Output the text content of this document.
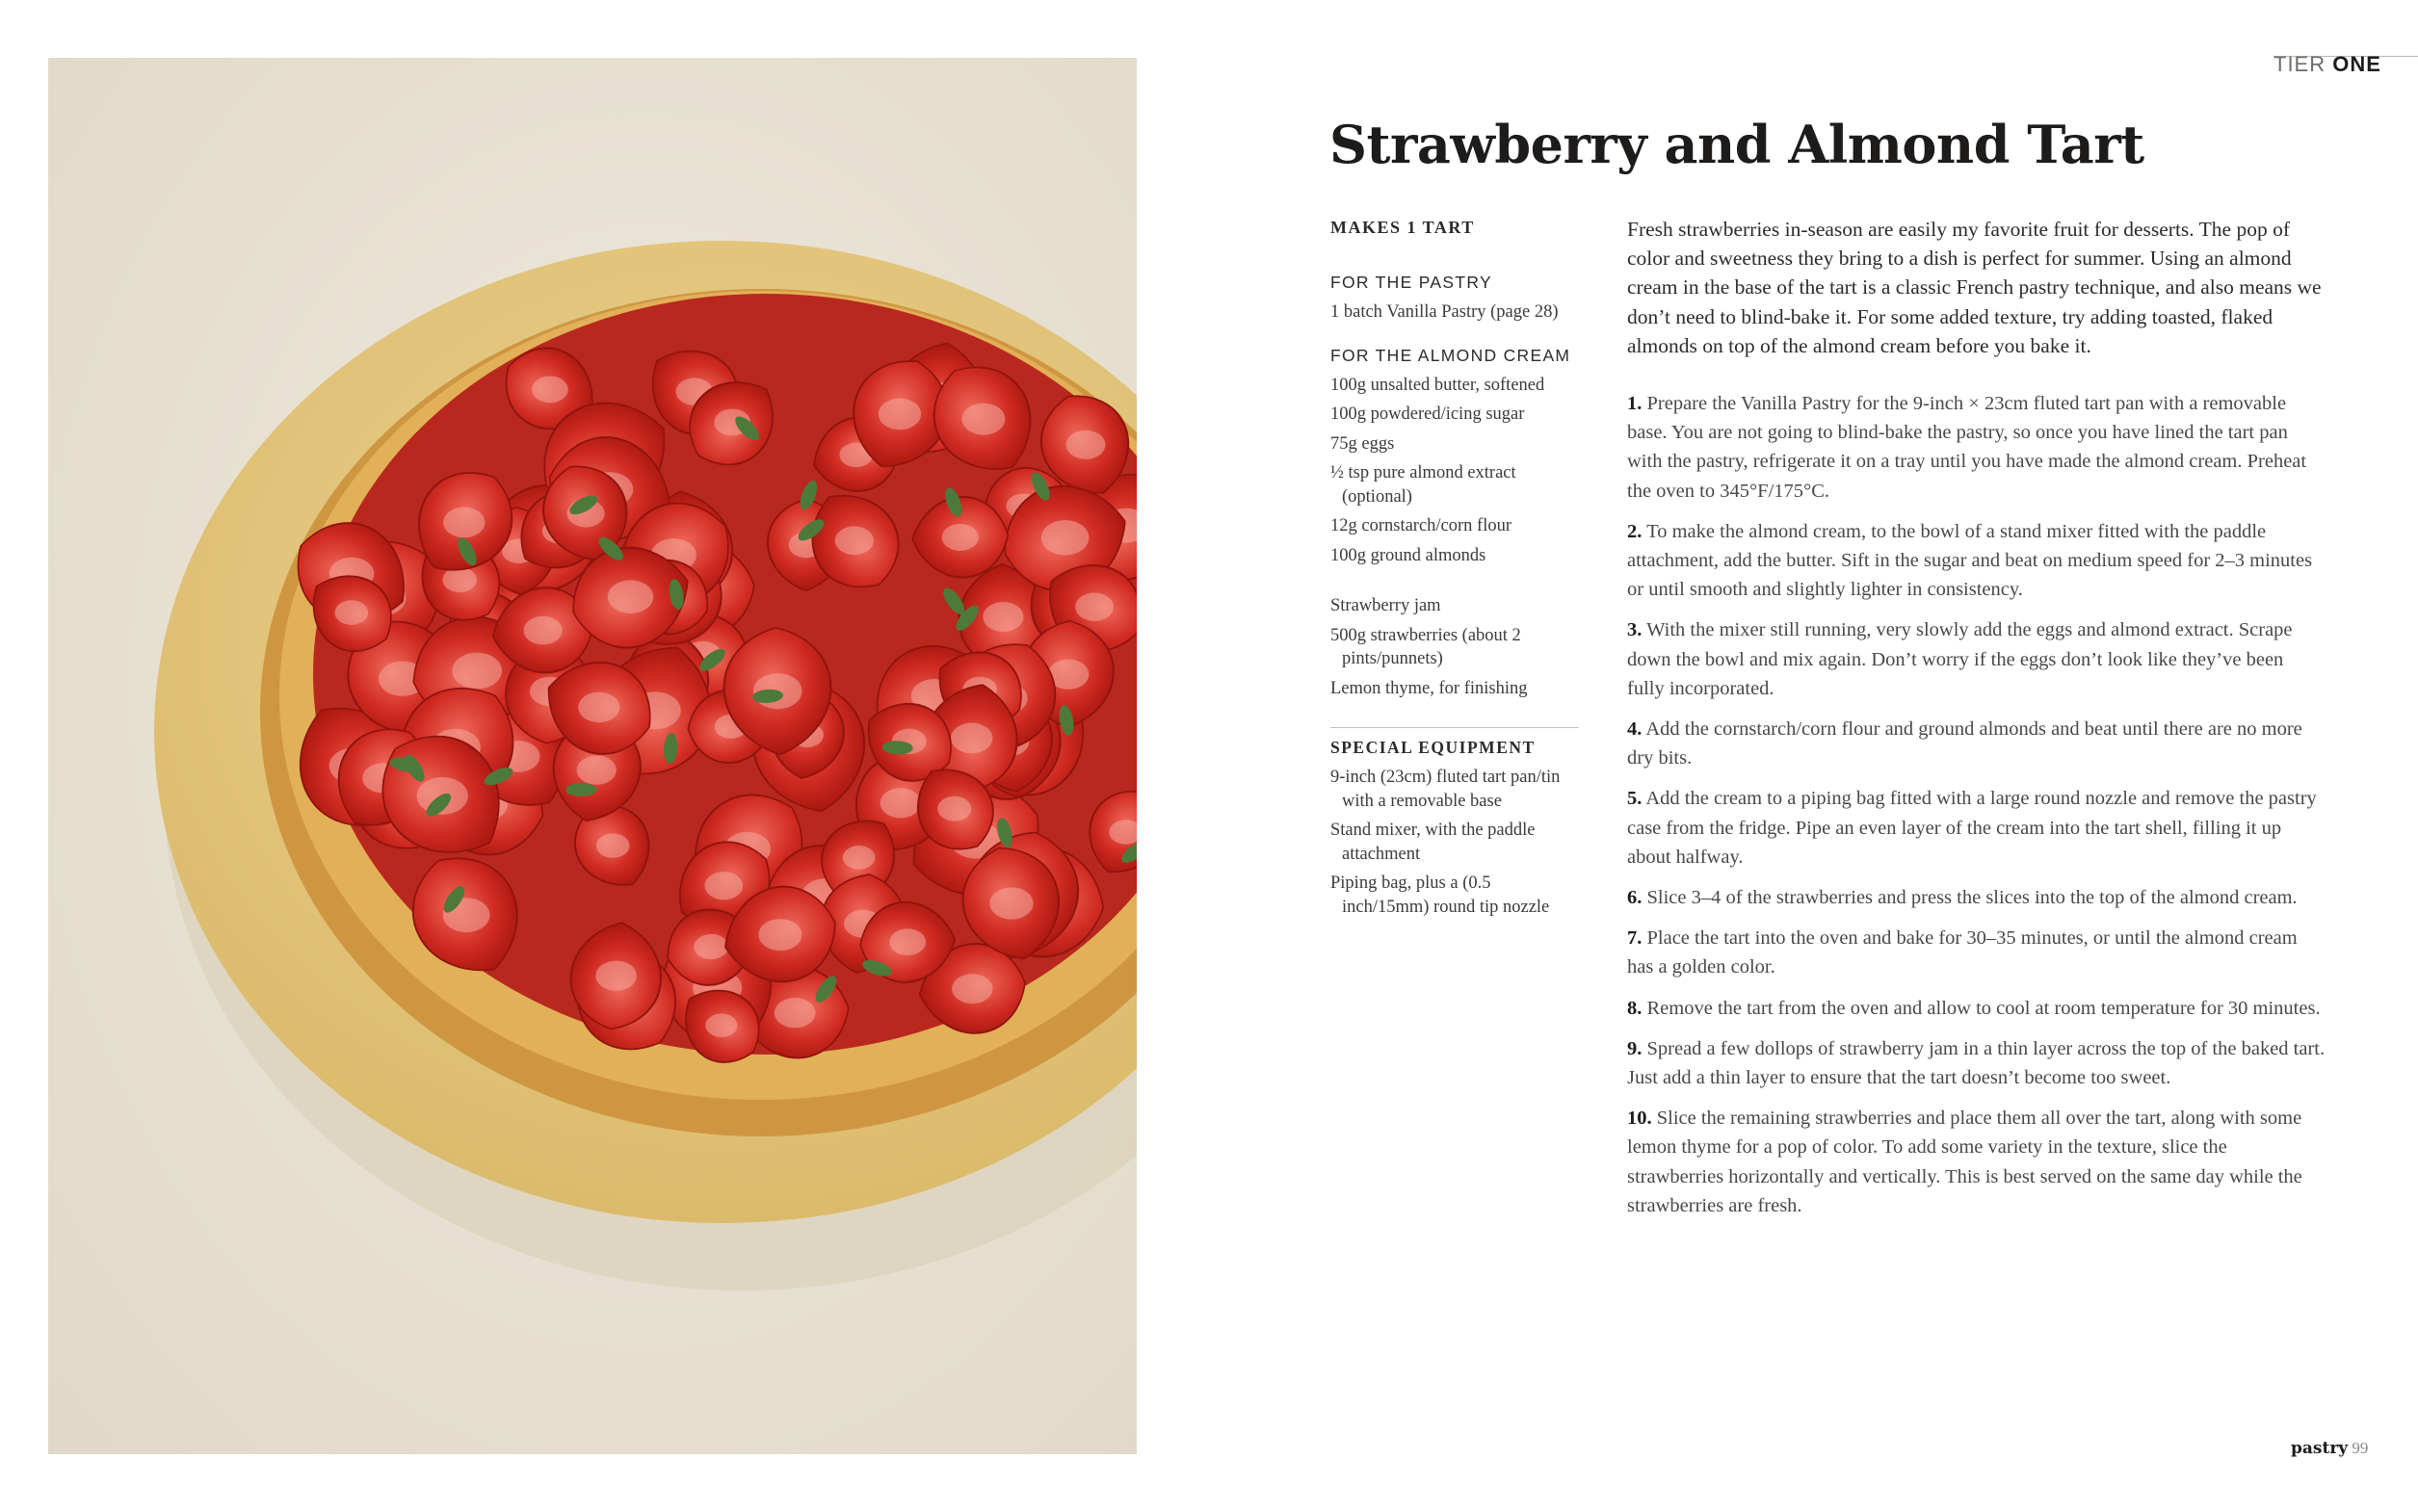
TIER ONE
Strawberry and Almond Tart
MAKES 1 TART
FOR THE PASTRY
1 batch Vanilla Pastry (page 28)
FOR THE ALMOND CREAM
100g unsalted butter, softened
100g powdered/icing sugar
75g eggs
½ tsp pure almond extract (optional)
12g cornstarch/corn flour
100g ground almonds
Strawberry jam
500g strawberries (about 2 pints/punnets)
Lemon thyme, for finishing
SPECIAL EQUIPMENT
9-inch (23cm) fluted tart pan/tin with a removable base
Stand mixer, with the paddle attachment
Piping bag, plus a (0.5 inch/15mm) round tip nozzle

Fresh strawberries in-season are easily my favorite fruit for desserts. The pop of color and sweetness they bring to a dish is perfect for summer. Using an almond cream in the base of the tart is a classic French pastry technique, and also means we don’t need to blind-bake it. For some added texture, try adding toasted, flaked almonds on top of the almond cream before you bake it.

1. Prepare the Vanilla Pastry for the 9-inch × 23cm fluted tart pan with a removable base. You are not going to blind-bake the pastry, so once you have lined the tart pan with the pastry, refrigerate it on a tray until you have made the almond cream. Preheat the oven to 345°F/175°C.
2. To make the almond cream, to the bowl of a stand mixer fitted with the paddle attachment, add the butter. Sift in the sugar and beat on medium speed for 2–3 minutes or until smooth and slightly lighter in consistency.
3. With the mixer still running, very slowly add the eggs and almond extract. Scrape down the bowl and mix again. Don’t worry if the eggs don’t look like they’ve been fully incorporated.
4. Add the cornstarch/corn flour and ground almonds and beat until there are no more dry bits.
5. Add the cream to a piping bag fitted with a large round nozzle and remove the pastry case from the fridge. Pipe an even layer of the cream into the tart shell, filling it up about halfway.
6. Slice 3–4 of the strawberries and press the slices into the top of the almond cream.
7. Place the tart into the oven and bake for 30–35 minutes, or until the almond cream has a golden color.
8. Remove the tart from the oven and allow to cool at room temperature for 30 minutes.
9. Spread a few dollops of strawberry jam in a thin layer across the top of the baked tart. Just add a thin layer to ensure that the tart doesn’t become too sweet.
10. Slice the remaining strawberries and place them all over the tart, along with some lemon thyme for a pop of color. To add some variety in the texture, slice the strawberries horizontally and vertically. This is best served on the same day while the strawberries are fresh.
pastry 99
